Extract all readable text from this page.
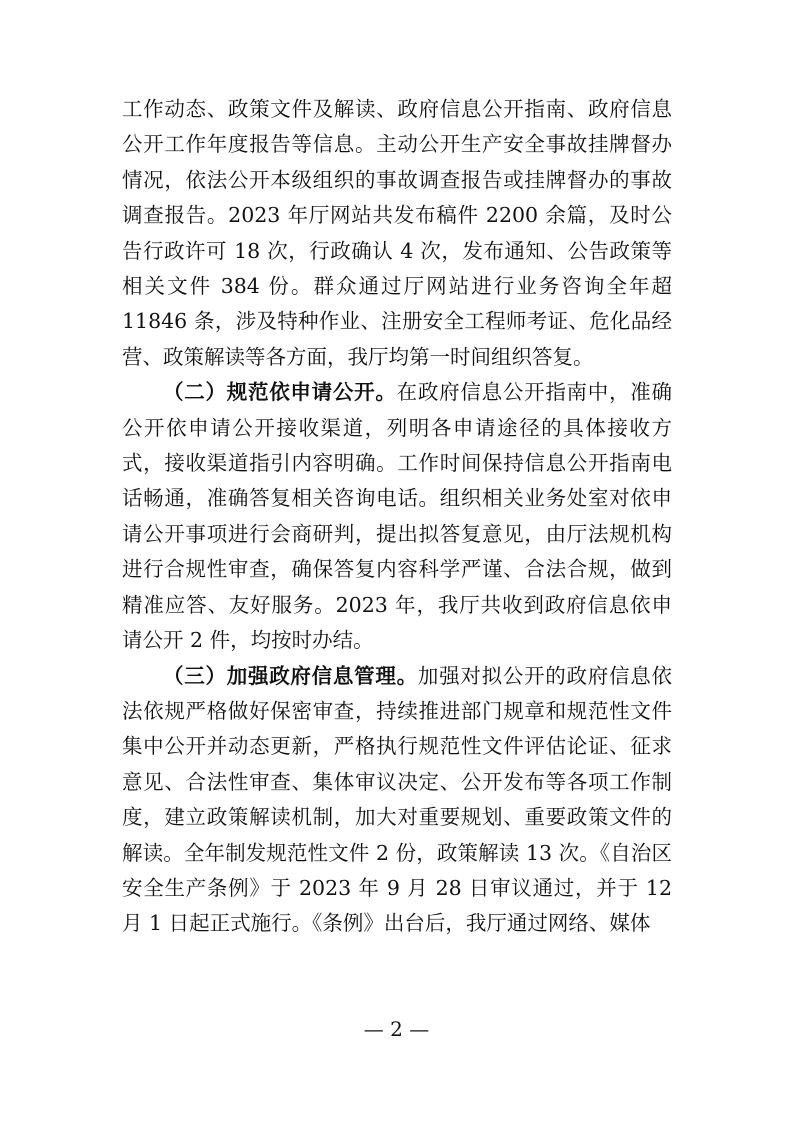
工作动态、政策文件及解读、政府信息公开指南、政府信息公开工作年度报告等信息。主动公开生产安全事故挂牌督办情况，依法公开本级组织的事故调查报告或挂牌督办的事故调查报告。2023 年厅网站共发布稿件 2200 余篇，及时公告行政许可 18 次，行政确认 4 次，发布通知、公告政策等相关文件 384 份。群众通过厅网站进行业务咨询全年超 11846 条，涉及特种作业、注册安全工程师考证、危化品经营、政策解读等各方面，我厅均第一时间组织答复。

（二）规范依申请公开。在政府信息公开指南中，准确公开依申请公开接收渠道，列明各申请途径的具体接收方式，接收渠道指引内容明确。工作时间保持信息公开指南电话畅通，准确答复相关咨询电话。组织相关业务处室对依申请公开事项进行会商研判，提出拟答复意见，由厅法规机构进行合规性审查，确保答复内容科学严谨、合法合规，做到精准应答、友好服务。2023 年，我厅共收到政府信息依申请公开 2 件，均按时办结。

（三）加强政府信息管理。加强对拟公开的政府信息依法依规严格做好保密审查，持续推进部门规章和规范性文件集中公开并动态更新，严格执行规范性文件评估论证、征求意见、合法性审查、集体审议决定、公开发布等各项工作制度，建立政策解读机制，加大对重要规划、重要政策文件的解读。全年制发规范性文件 2 份，政策解读 13 次。《自治区安全生产条例》于 2023 年 9 月 28 日审议通过，并于 12 月 1 日起正式施行。《条例》出台后，我厅通过网络、媒体

— 2 —
